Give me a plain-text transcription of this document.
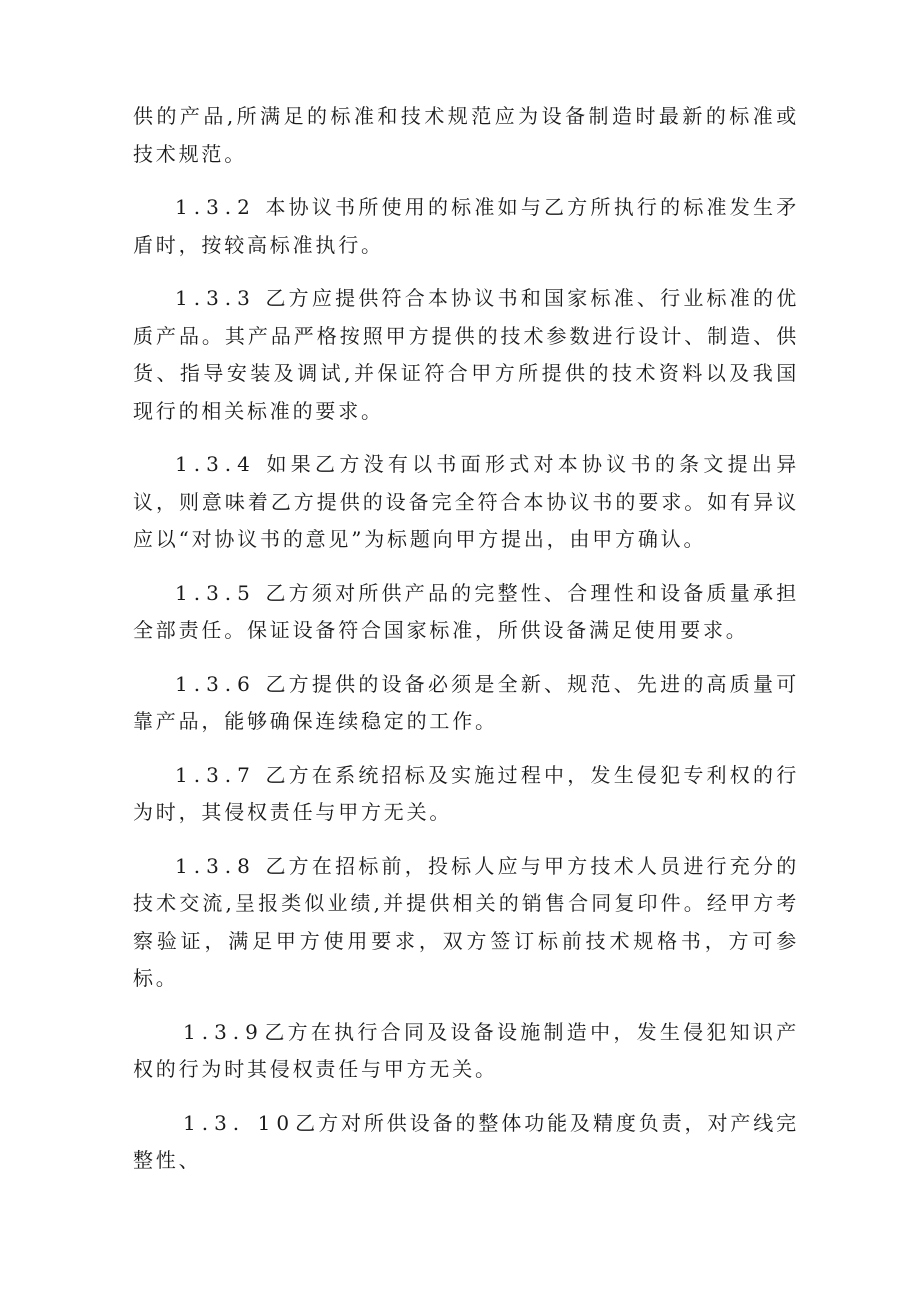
供的产品,所满足的标准和技术规范应为设备制造时最新的标准或技术规范。

1.3.2 本协议书所使用的标准如与乙方所执行的标准发生矛盾时，按较高标准执行。

1.3.3 乙方应提供符合本协议书和国家标准、行业标准的优质产品。其产品严格按照甲方提供的技术参数进行设计、制造、供货、指导安装及调试,并保证符合甲方所提供的技术资料以及我国现行的相关标准的要求。

1.3.4 如果乙方没有以书面形式对本协议书的条文提出异议，则意味着乙方提供的设备完全符合本协议书的要求。如有异议应以“对协议书的意见”为标题向甲方提出，由甲方确认。

1.3.5 乙方须对所供产品的完整性、合理性和设备质量承担全部责任。保证设备符合国家标准，所供设备满足使用要求。

1.3.6 乙方提供的设备必须是全新、规范、先进的高质量可靠产品，能够确保连续稳定的工作。

1.3.7 乙方在系统招标及实施过程中，发生侵犯专利权的行为时，其侵权责任与甲方无关。

1.3.8 乙方在招标前，投标人应与甲方技术人员进行充分的技术交流,呈报类似业绩,并提供相关的销售合同复印件。经甲方考察验证，满足甲方使用要求，双方签订标前技术规格书，方可参标。

1.3.9乙方在执行合同及设备设施制造中，发生侵犯知识产权的行为时其侵权责任与甲方无关。

1.3. 10乙方对所供设备的整体功能及精度负责，对产线完整性、
